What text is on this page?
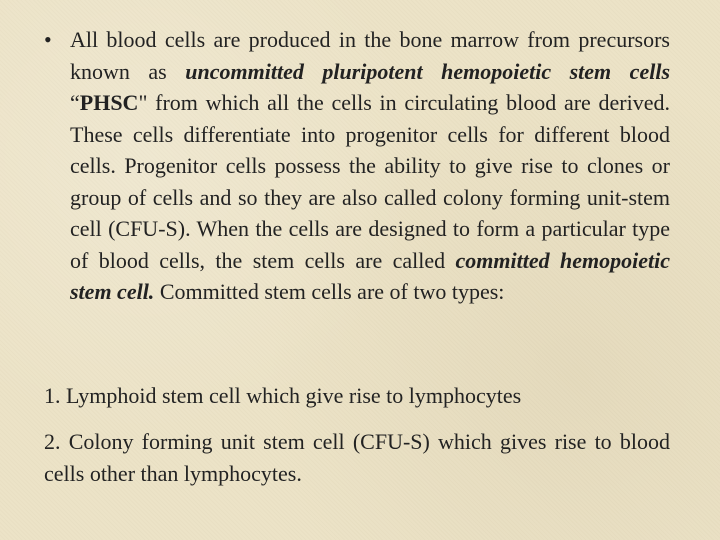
• All blood cells are produced in the bone marrow from precursors known as uncommitted pluripotent hemopoietic stem cells “PHSC" from which all the cells in circulating blood are derived. These cells differentiate into progenitor cells for different blood cells. Progenitor cells possess the ability to give rise to clones or group of cells and so they are also called colony forming unit-stem cell (CFU-S). When the cells are designed to form a particular type of blood cells, the stem cells are called committed hemopoietic stem cell. Committed stem cells are of two types:

1. Lymphoid stem cell which give rise to lymphocytes
2. Colony forming unit stem cell (CFU-S) which gives rise to blood cells other than lymphocytes.
